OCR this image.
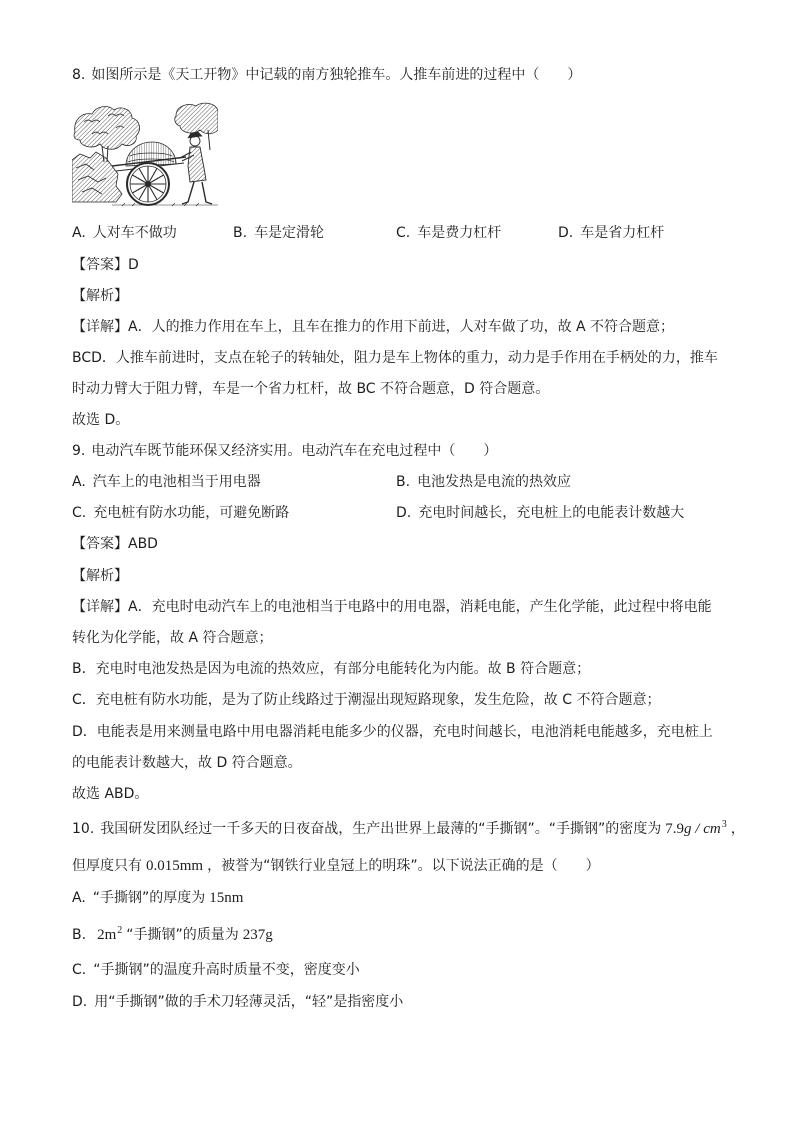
8. 如图所示是《天工开物》中记载的南方独轮推车。人推车前进的过程中（　　）
A. 人对车不做功	B. 车是定滑轮	C. 车是费力杠杆	D. 车是省力杠杆
【答案】D
【解析】
【详解】A．人的推力作用在车上，且车在推力的作用下前进，人对车做了功，故 A 不符合题意；
BCD．人推车前进时，支点在轮子的转轴处，阻力是车上物体的重力，动力是手作用在手柄处的力，推车
时动力臂大于阻力臂，车是一个省力杠杆，故 BC 不符合题意，D 符合题意。
故选 D。
9. 电动汽车既节能环保又经济实用。电动汽车在充电过程中（　　）
A. 汽车上的电池相当于用电器	B. 电池发热是电流的热效应
C. 充电桩有防水功能，可避免断路	D. 充电时间越长，充电桩上的电能表计数越大
【答案】ABD
【解析】
【详解】A．充电时电动汽车上的电池相当于电路中的用电器，消耗电能，产生化学能，此过程中将电能
转化为化学能，故 A 符合题意；
B．充电时电池发热是因为电流的热效应，有部分电能转化为内能。故 B 符合题意；
C．充电桩有防水功能，是为了防止线路过于潮湿出现短路现象，发生危险，故 C 不符合题意；
D．电能表是用来测量电路中用电器消耗电能多少的仪器，充电时间越长，电池消耗电能越多，充电桩上
的电能表计数越大，故 D 符合题意。
故选 ABD。
10. 我国研发团队经过一千多天的日夜奋战，生产出世界上最薄的“手撕钢”。“手撕钢”的密度为 $7.9g / cm^3$ ，
但厚度只有 0.015mm ，被誉为“钢铁行业皇冠上的明珠”。以下说法正确的是（　　）
A. “手撕钢”的厚度为 15nm
B. $2m^2$ “手撕钢”的质量为 237g
C. “手撕钢”的温度升高时质量不变，密度变小
D. 用“手撕钢”做的手术刀轻薄灵活，“轻”是指密度小
